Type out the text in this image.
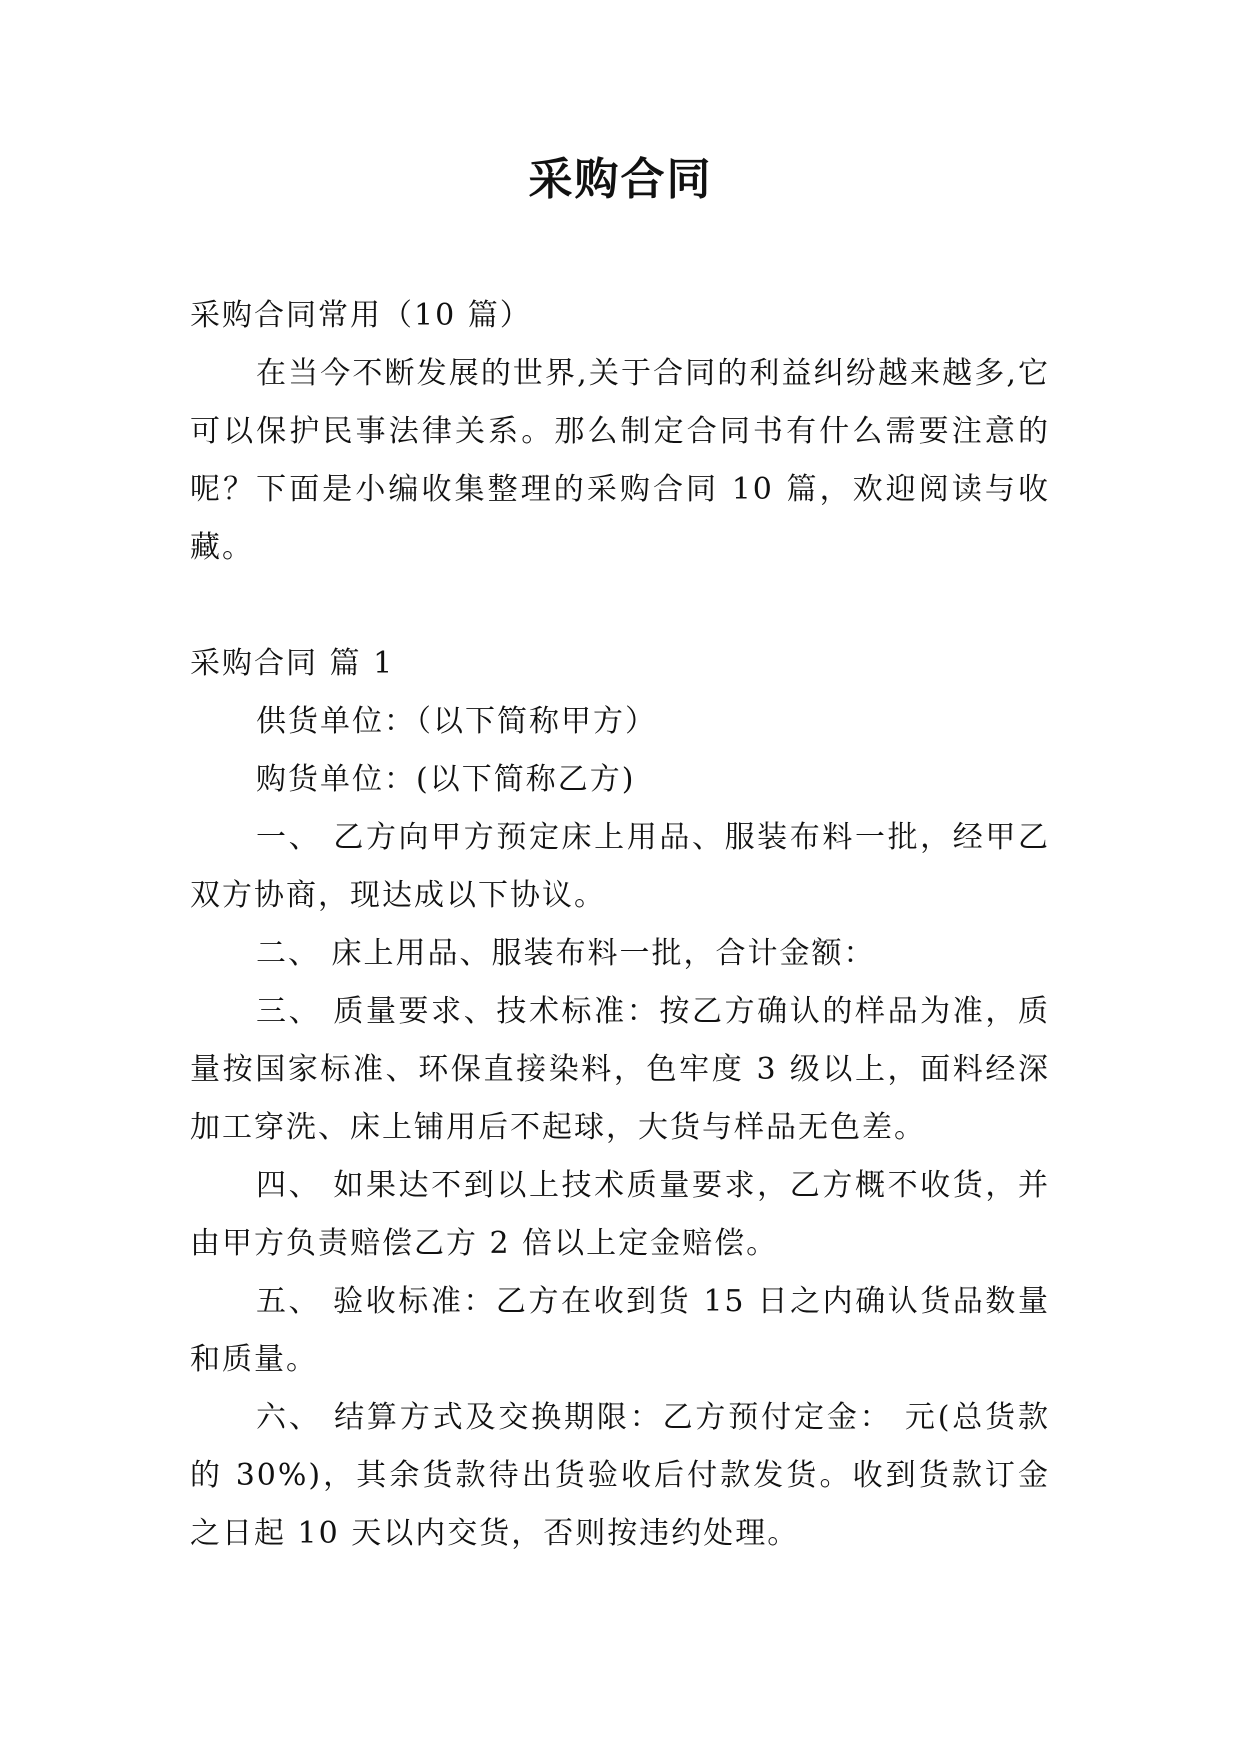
采购合同

采购合同常用（10 篇）

在当今不断发展的世界,关于合同的利益纠纷越来越多,它可以保护民事法律关系。那么制定合同书有什么需要注意的呢？下面是小编收集整理的采购合同 10 篇，欢迎阅读与收藏。

采购合同 篇 1

供货单位：（以下简称甲方）

购货单位：(以下简称乙方)

一、 乙方向甲方预定床上用品、服装布料一批，经甲乙双方协商，现达成以下协议。

二、 床上用品、服装布料一批，合计金额：

三、 质量要求、技术标准：按乙方确认的样品为准，质量按国家标准、环保直接染料，色牢度 3 级以上，面料经深加工穿洗、床上铺用后不起球，大货与样品无色差。

四、 如果达不到以上技术质量要求，乙方概不收货，并由甲方负责赔偿乙方 2 倍以上定金赔偿。

五、 验收标准：乙方在收到货 15 日之内确认货品数量和质量。

六、 结算方式及交换期限：乙方预付定金： 元(总货款的 30%)，其余货款待出货验收后付款发货。收到货款订金之日起 10 天以内交货，否则按违约处理。
